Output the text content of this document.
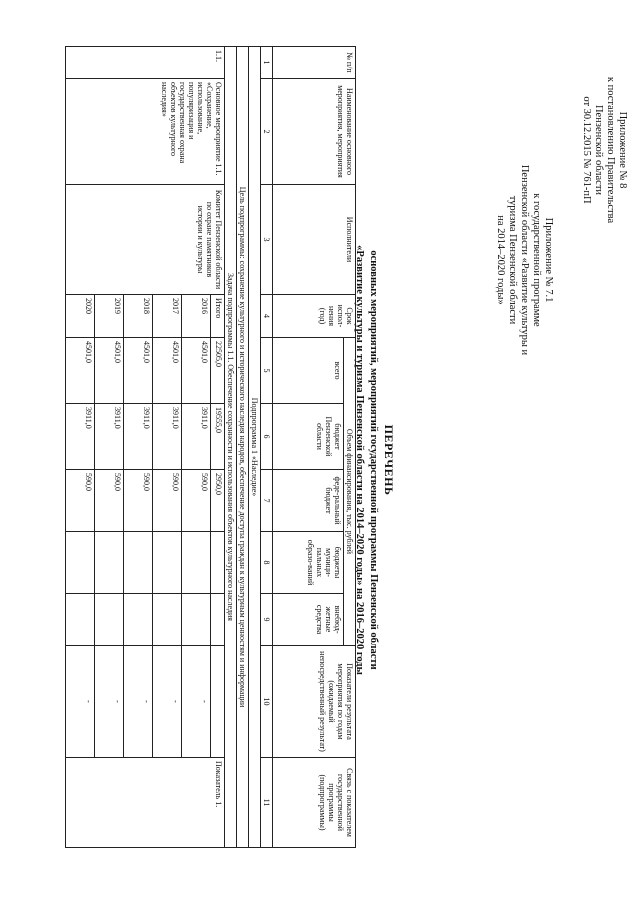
Приложение № 8
к постановлению Правительства
Пензенской области
от 30.12.2015 № 761-пП
Приложение № 7.1
к государственной программе
Пензенской области «Развитие культуры и
туризма Пензенской области
на 2014–2020 годы»
ПЕРЕЧЕНЬ
основных мероприятий, мероприятий государственной программы Пензенской области
«Развитие культуры и туризма Пензенской области на 2014–2020 годы» на 2016–2020 годы
№ п/п	Наименование основного мероприятия, мероприятия	Исполнители	Срок испол-нения (год)	Объем финансирования, тыс. рублей					Показатели результата мероприятия по годам (ожидаемый непосредственный результат)	Связь с показателем государственной программы (подпрограммы)
				всего	бюджет Пензенской области	феде-ральный бюджет	бюджеты муници-пальных образо-ваний	внебюд-жетные средства		
1	2	3	4	5	6	7	8	9	10	11
Подпрограмма 1 «Наследие»										
Цель подпрограммы: сохранение культурного и исторического наследия народов, обеспечение доступа граждан к культурным ценностям и информации										
Задача подпрограммы 1.1. Обеспечение сохранности и использования объектов культурного наследия										
1.1.	Основное мероприятие 1.1. «Сохранение, использование, популяризация и государственная охрана объектов культурного наследия»	Комитет Пензенской области по охране памятников истории и культуры	Итого	22505,0	19555,0	2950,0				Показатель 1.
			2016	4501,0	3911,0	590,0			-	
			2017	4501,0	3911,0	590,0			-	
			2018	4501,0	3911,0	590,0			-	
			2019	4501,0	3911,0	590,0			-	
			2020	4501,0	3911,0	590,0			-	
